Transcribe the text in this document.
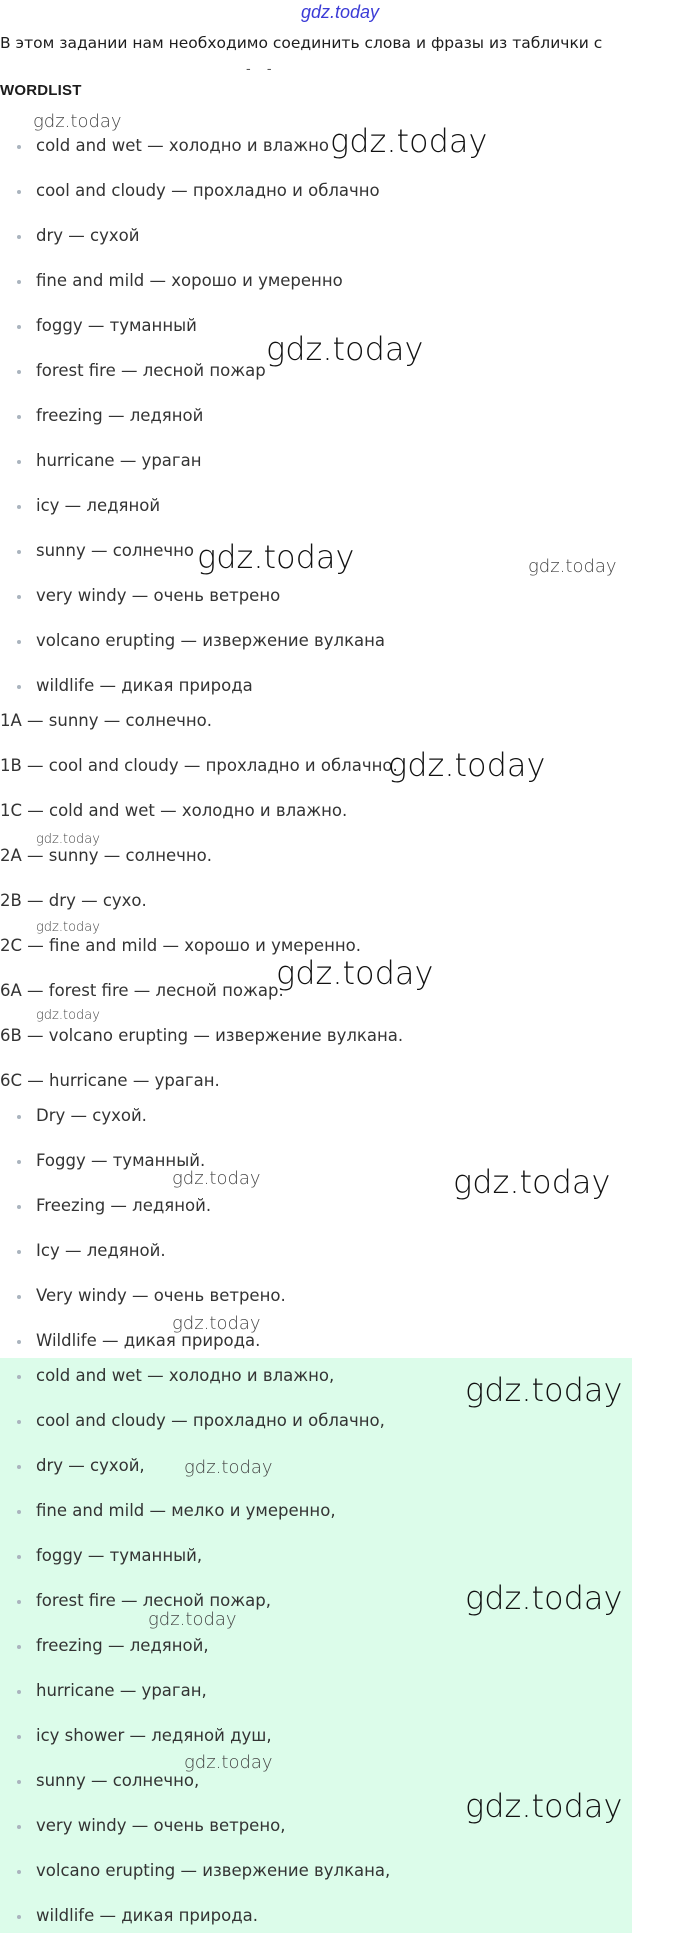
gdz.today
В этом задании нам необходимо соединить слова и фразы из таблички с
- -
WORDLIST
cold and wet — холодно и влажно
cool and cloudy — прохладно и облачно
dry — сухой
fine and mild — хорошо и умеренно
foggy — туманный
forest fire — лесной пожар
freezing — ледяной
hurricane — ураган
icy — ледяной
sunny — солнечно
very windy — очень ветрено
volcano erupting — извержение вулкана
wildlife — дикая природа
1A — sunny — солнечно.
1B — cool and cloudy — прохладно и облачно.
1C — cold and wet — холодно и влажно.
2A — sunny — солнечно.
2B — dry — сухо.
2C — fine and mild — хорошо и умеренно.
6A — forest fire — лесной пожар.
6B — volcano erupting — извержение вулкана.
6C — hurricane — ураган.
Dry — сухой.
Foggy — туманный.
Freezing — ледяной.
Icy — ледяной.
Very windy — очень ветрено.
Wildlife — дикая природа.
cold and wet — холодно и влажно,
cool and cloudy — прохладно и облачно,
dry — сухой,
fine and mild — мелко и умеренно,
foggy — туманный,
forest fire — лесной пожар,
freezing — ледяной,
hurricane — ураган,
icy shower — ледяной душ,
sunny — солнечно,
very windy — очень ветрено,
volcano erupting — извержение вулкана,
wildlife — дикая природа.
gdz.today
gdz.today
gdz.today
gdz.today	gdz.today
gdz.today
gdz.today
gdz.today
gdz.today
gdz.today
gdz.today	gdz.today
gdz.today
gdz.today
gdz.today
gdz.today
gdz.today
gdz.today
gdz.today
